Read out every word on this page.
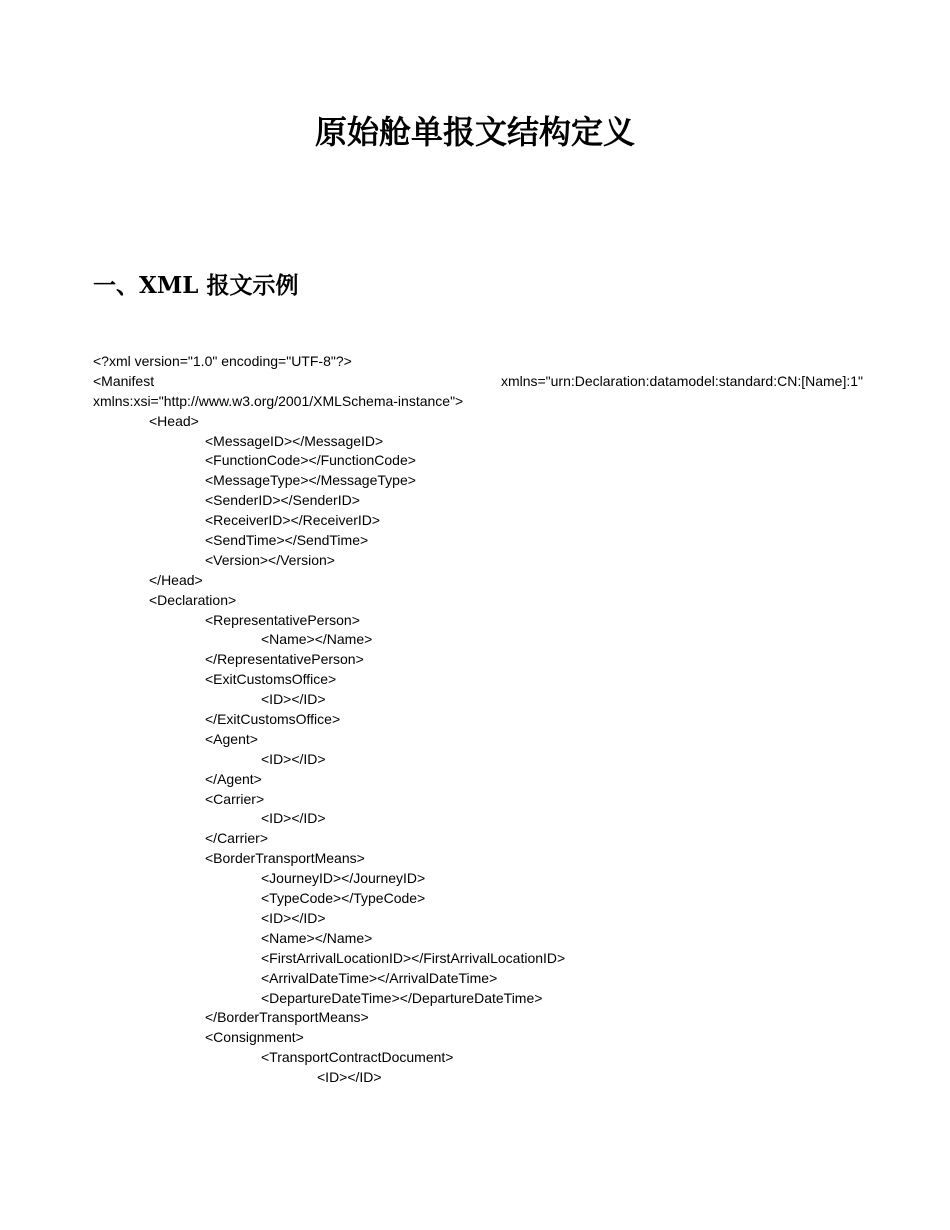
原始舱单报文结构定义
一、XML 报文示例
<?xml version="1.0" encoding="UTF-8"?>
<Manifest	xmlns="urn:Declaration:datamodel:standard:CN:[Name]:1"
xmlns:xsi="http://www.w3.org/2001/XMLSchema-instance">
<Head>
<MessageID></MessageID>
<FunctionCode></FunctionCode>
<MessageType></MessageType>
<SenderID></SenderID>
<ReceiverID></ReceiverID>
<SendTime></SendTime>
<Version></Version>
</Head>
<Declaration>
<RepresentativePerson>
<Name></Name>
</RepresentativePerson>
<ExitCustomsOffice>
<ID></ID>
</ExitCustomsOffice>
<Agent>
<ID></ID>
</Agent>
<Carrier>
<ID></ID>
</Carrier>
<BorderTransportMeans>
<JourneyID></JourneyID>
<TypeCode></TypeCode>
<ID></ID>
<Name></Name>
<FirstArrivalLocationID></FirstArrivalLocationID>
<ArrivalDateTime></ArrivalDateTime>
<DepartureDateTime></DepartureDateTime>
</BorderTransportMeans>
<Consignment>
<TransportContractDocument>
<ID></ID>
